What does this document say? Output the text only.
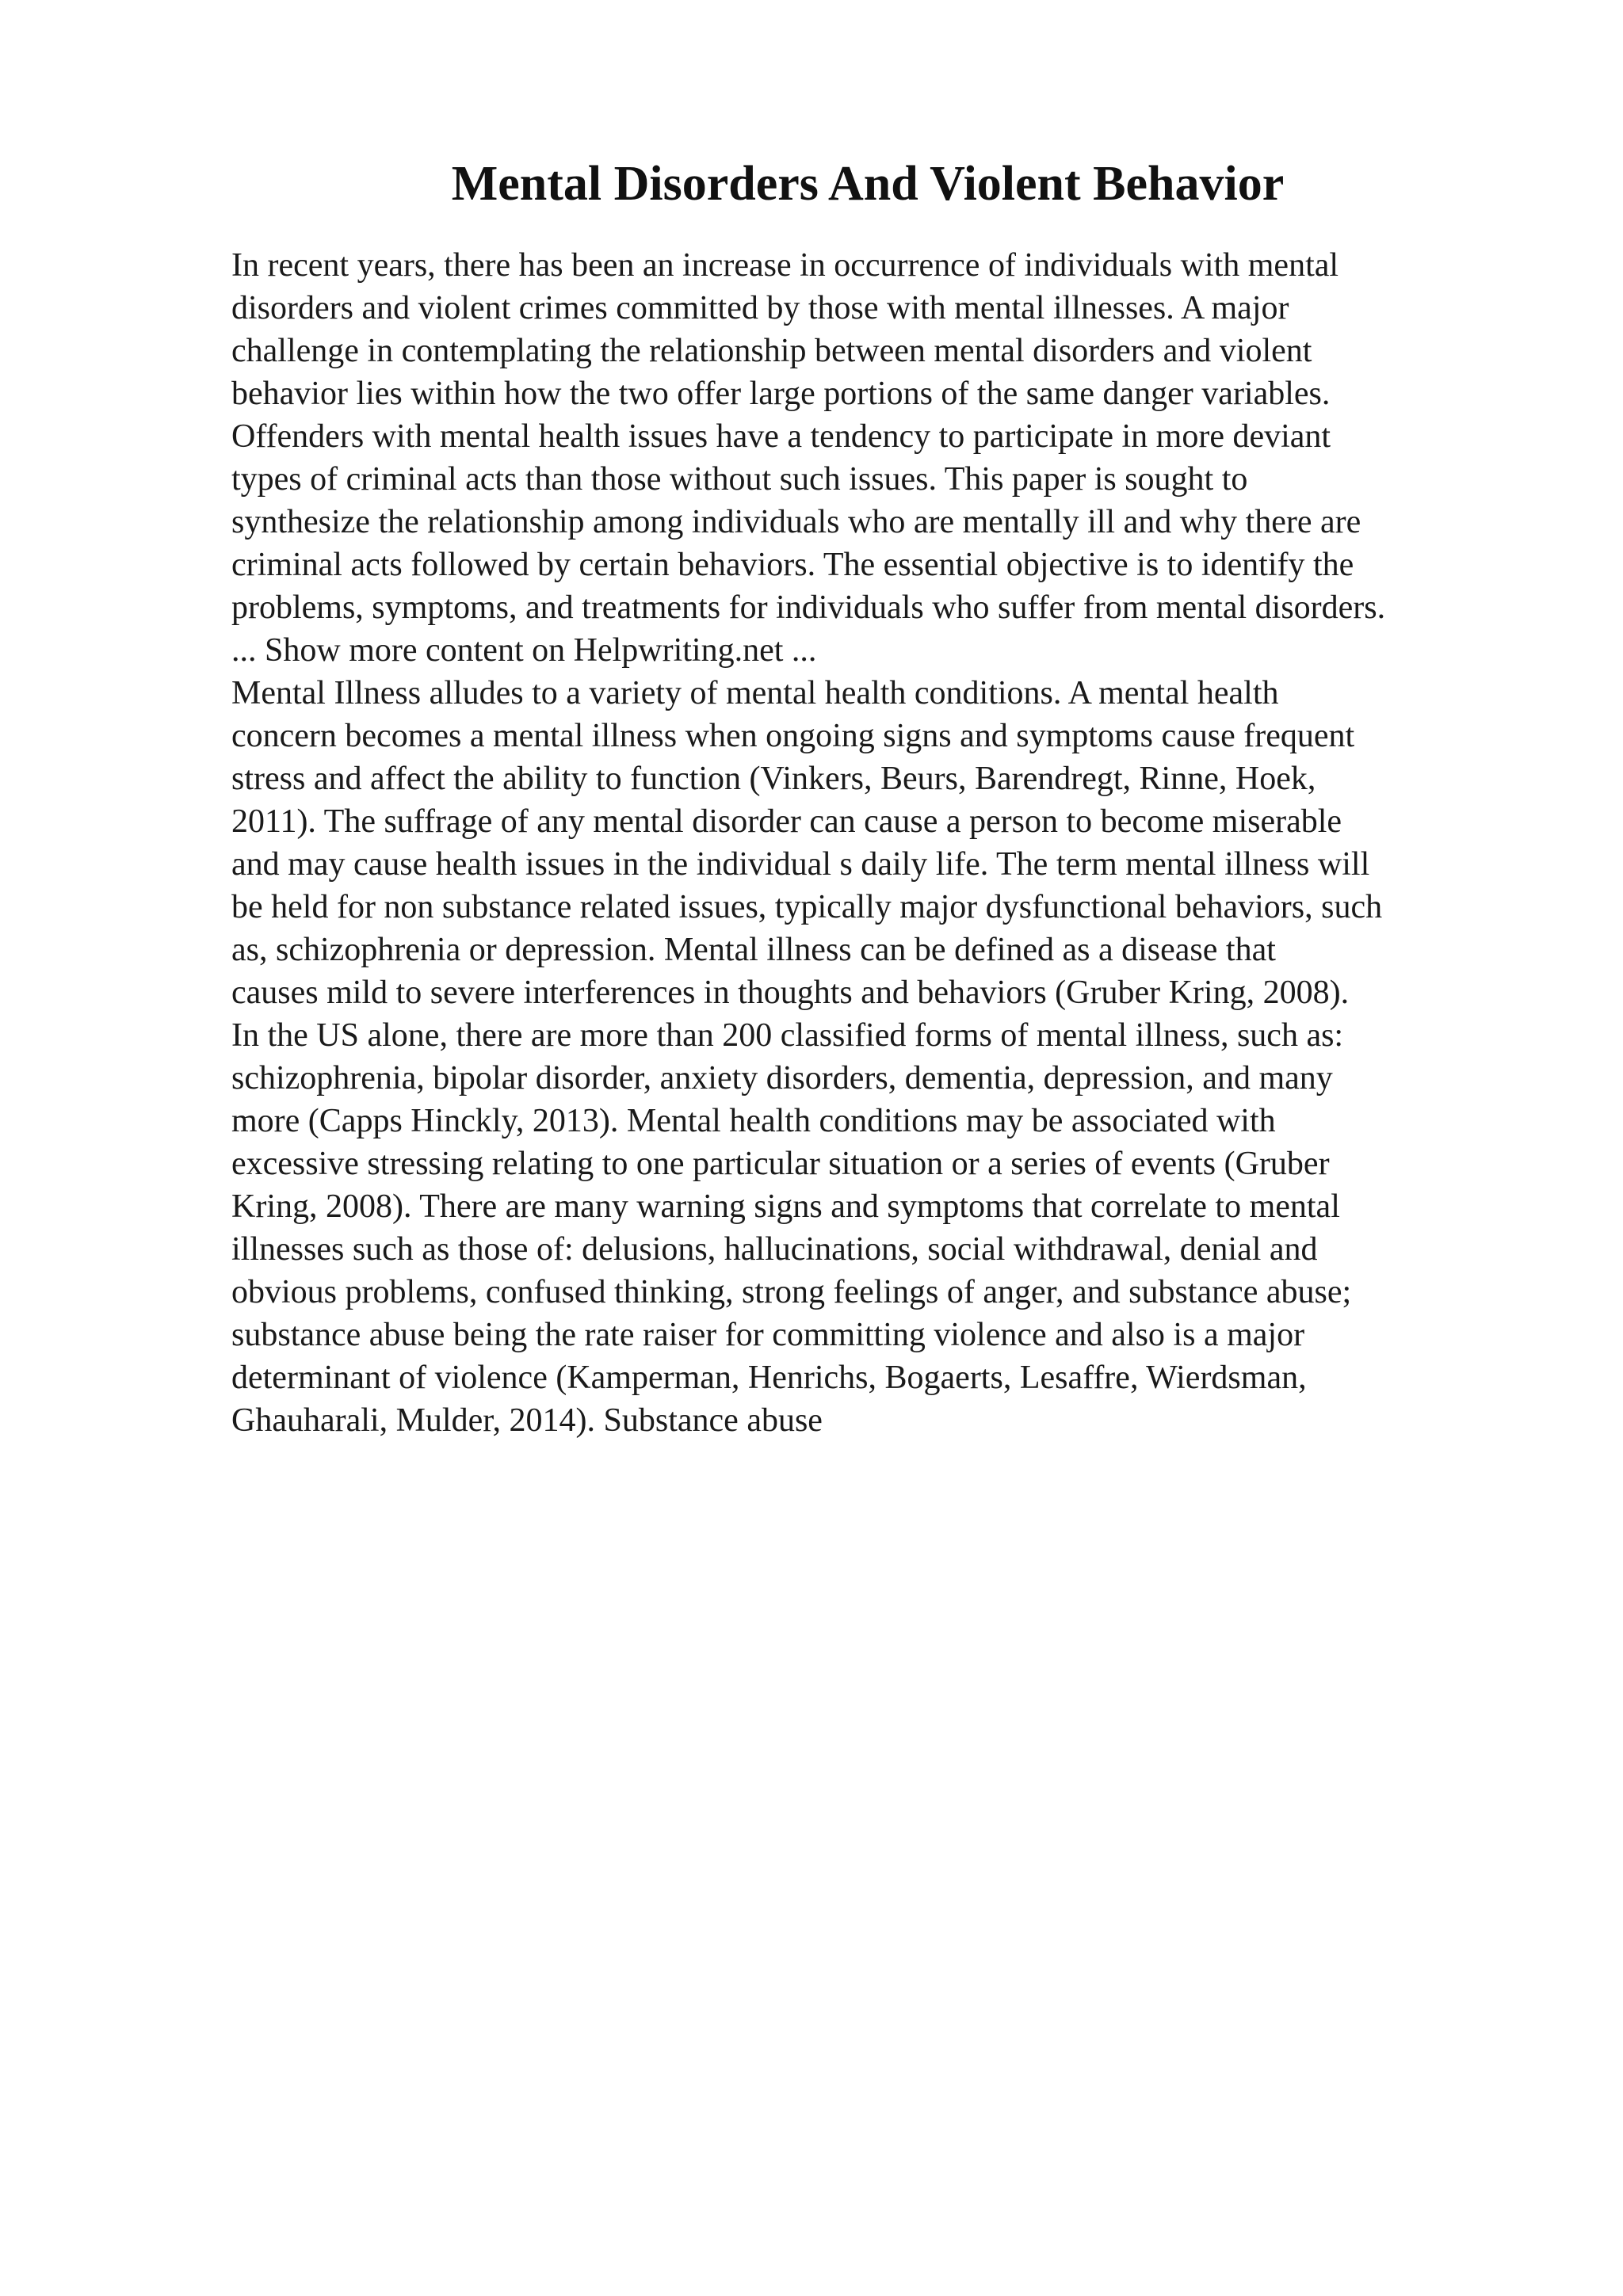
Mental Disorders And Violent Behavior
In recent years, there has been an increase in occurrence of individuals with mental
disorders and violent crimes committed by those with mental illnesses. A major
challenge in contemplating the relationship between mental disorders and violent
behavior lies within how the two offer large portions of the same danger variables.
Offenders with mental health issues have a tendency to participate in more deviant
types of criminal acts than those without such issues. This paper is sought to
synthesize the relationship among individuals who are mentally ill and why there are
criminal acts followed by certain behaviors. The essential objective is to identify the
problems, symptoms, and treatments for individuals who suffer from mental disorders.
... Show more content on Helpwriting.net ...
Mental Illness alludes to a variety of mental health conditions. A mental health
concern becomes a mental illness when ongoing signs and symptoms cause frequent
stress and affect the ability to function (Vinkers, Beurs, Barendregt, Rinne, Hoek,
2011). The suffrage of any mental disorder can cause a person to become miserable
and may cause health issues in the individual s daily life. The term mental illness will
be held for non substance related issues, typically major dysfunctional behaviors, such
as, schizophrenia or depression. Mental illness can be defined as a disease that
causes mild to severe interferences in thoughts and behaviors (Gruber Kring, 2008).
In the US alone, there are more than 200 classified forms of mental illness, such as:
schizophrenia, bipolar disorder, anxiety disorders, dementia, depression, and many
more (Capps Hinckly, 2013). Mental health conditions may be associated with
excessive stressing relating to one particular situation or a series of events (Gruber
Kring, 2008). There are many warning signs and symptoms that correlate to mental
illnesses such as those of: delusions, hallucinations, social withdrawal, denial and
obvious problems, confused thinking, strong feelings of anger, and substance abuse;
substance abuse being the rate raiser for committing violence and also is a major
determinant of violence (Kamperman, Henrichs, Bogaerts, Lesaffre, Wierdsman,
Ghauharali, Mulder, 2014). Substance abuse
